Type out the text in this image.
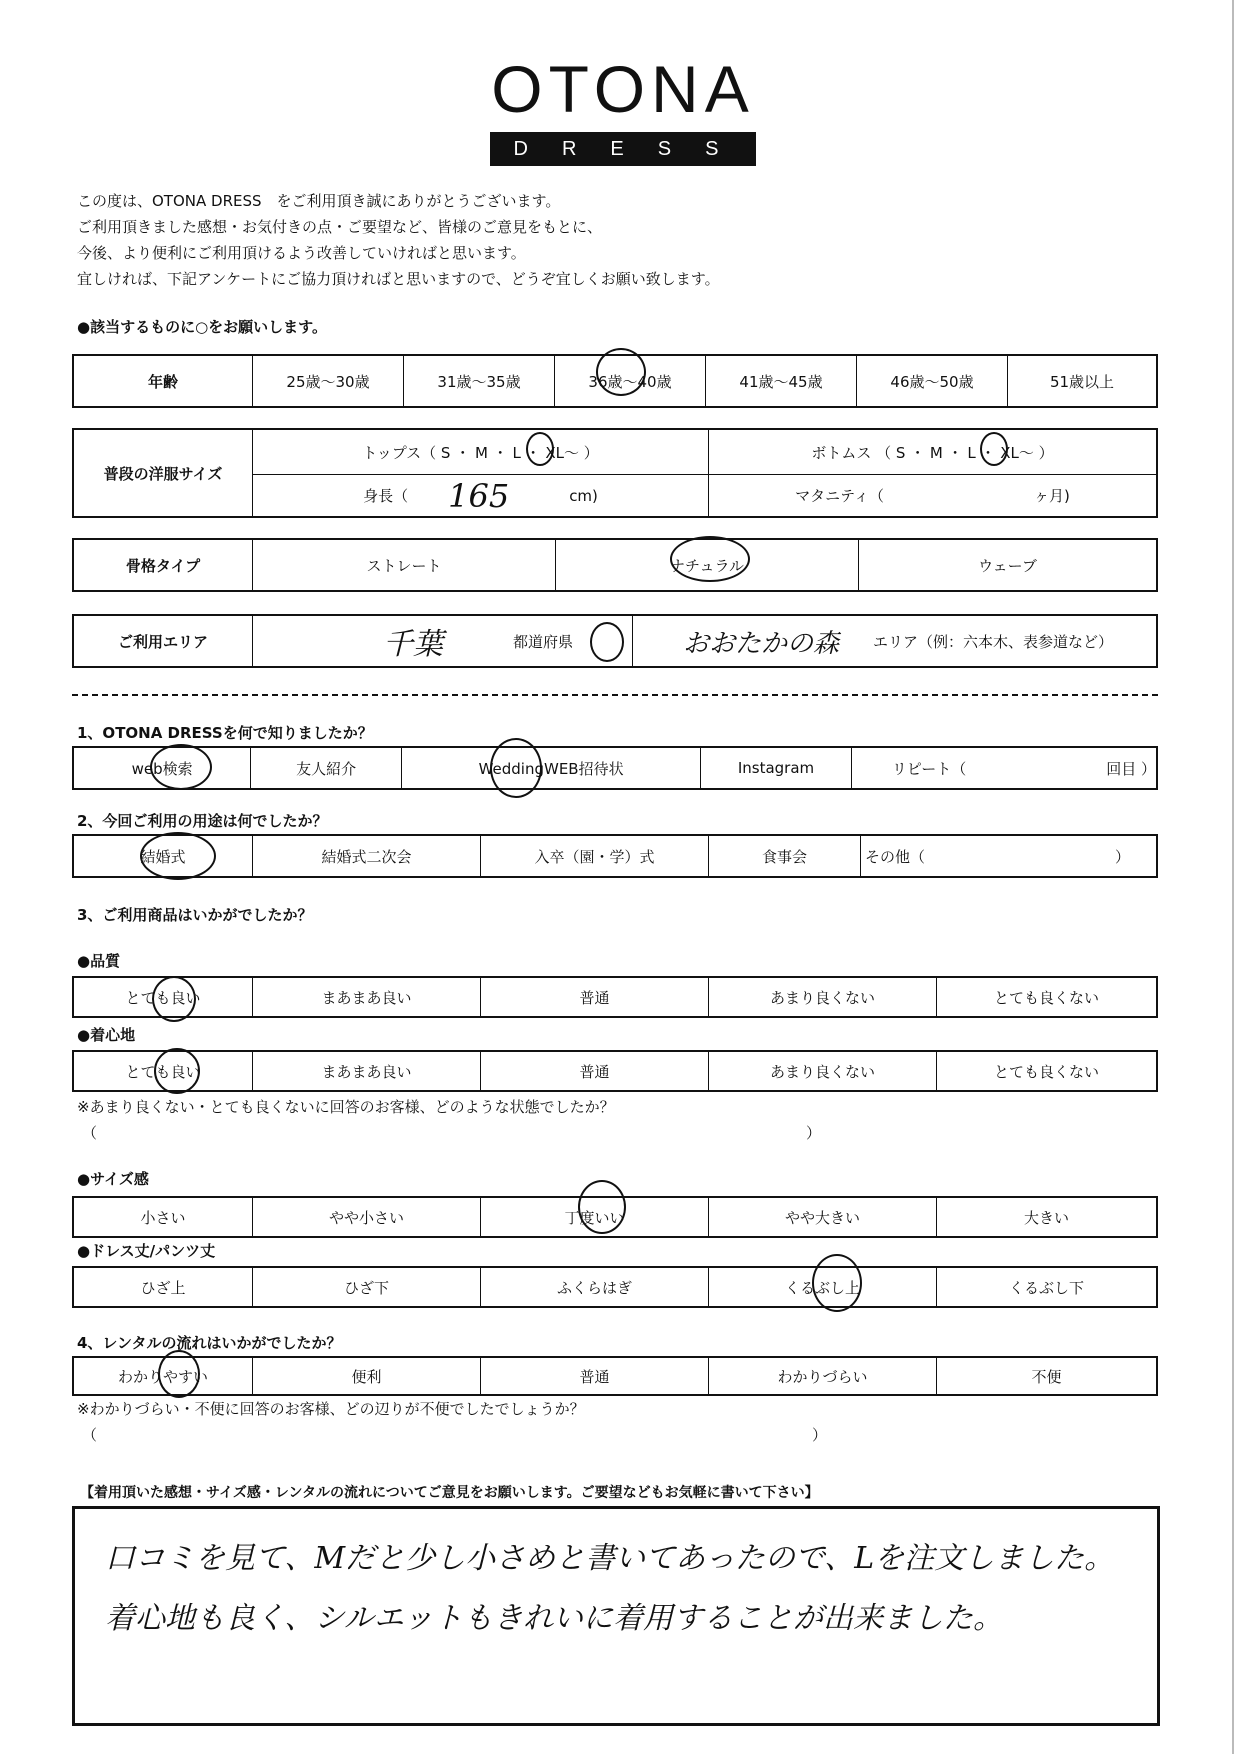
OTONA
DRESS
この度は、OTONA DRESS　をご利用頂き誠にありがとうございます。
ご利用頂きました感想・お気付きの点・ご要望など、皆様のご意見をもとに、
今後、より便利にご利用頂けるよう改善していければと思います。
宜しければ、下記アンケートにご協力頂ければと思いますので、どうぞ宜しくお願い致します。
●該当するものに○をお願いします。
年齢	25歳～30歳	31歳～35歳	36歳～40歳	41歳～45歳	46歳～50歳	51歳以上
普段の洋服サイズ
トップス（ S ・ M ・ L ・ XL～ ）	ボトムス （ S ・ M ・ L ・ XL～ ）
身長（ 165	cm)	マタニティ（	ヶ月)
骨格タイプ	ストレート	ナチュラル	ウェーブ
ご利用エリア	千葉	都道府県	おおたかの森 エリア（例：六本木、表参道など）
1、OTONA DRESSを何で知りましたか？
web検索	友人紹介	WeddingWEB招待状	Instagram	リピート（	回目 ）
2、今回ご利用の用途は何でしたか？
結婚式	結婚式二次会	入卒（園・学）式	食事会	その他（	）
3、ご利用商品はいかがでしたか？
●品質
とても良い	まあまあ良い	普通	あまり良くない	とても良くない
●着心地
とても良い	まあまあ良い	普通	あまり良くない	とても良くない
※あまり良くない・とても良くないに回答のお客様、どのような状態でしたか？
（	）
●サイズ感
小さい	やや小さい	丁度いい	やや大きい	大きい
●ドレス丈/パンツ丈
ひざ上	ひざ下	ふくらはぎ	くるぶし上	くるぶし下
4、レンタルの流れはいかがでしたか？
わかりやすい	便利	普通	わかりづらい	不便
※わかりづらい・不便に回答のお客様、どの辺りが不便でしたでしょうか？
（	）
【着用頂いた感想・サイズ感・レンタルの流れについてご意見をお願いします。ご要望などもお気軽に書いて下さい】
口コミを見て、Mだと少し小さめと書いてあったので、Lを注文しました。
着心地も良く、シルエットもきれいに着用することが出来ました。
